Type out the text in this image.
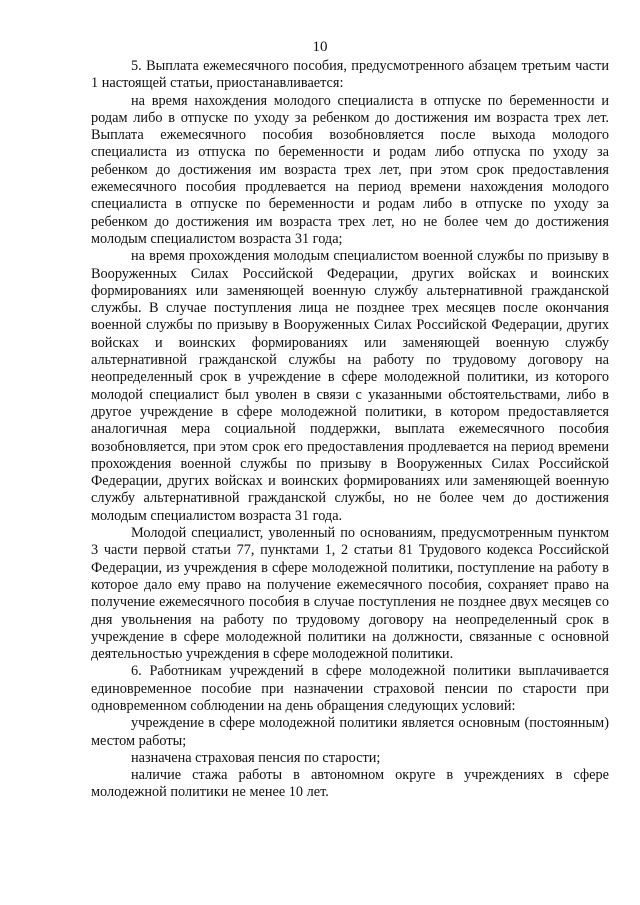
10

5. Выплата ежемесячного пособия, предусмотренного абзацем третьим части 1 настоящей статьи, приостанавливается:

на время нахождения молодого специалиста в отпуске по беременности и родам либо в отпуске по уходу за ребенком до достижения им возраста трех лет. Выплата ежемесячного пособия возобновляется после выхода молодого специалиста из отпуска по беременности и родам либо отпуска по уходу за ребенком до достижения им возраста трех лет, при этом срок предоставления ежемесячного пособия продлевается на период времени нахождения молодого специалиста в отпуске по беременности и родам либо в отпуске по уходу за ребенком до достижения им возраста трех лет, но не более чем до достижения молодым специалистом возраста 31 года;

на время прохождения молодым специалистом военной службы по призыву в Вооруженных Силах Российской Федерации, других войсках и воинских формированиях или заменяющей военную службу альтернативной гражданской службы. В случае поступления лица не позднее трех месяцев после окончания военной службы по призыву в Вооруженных Силах Российской Федерации, других войсках и воинских формированиях или заменяющей военную службу альтернативной гражданской службы на работу по трудовому договору на неопределенный срок в учреждение в сфере молодежной политики, из которого молодой специалист был уволен в связи с указанными обстоятельствами, либо в другое учреждение в сфере молодежной политики, в котором предоставляется аналогичная мера социальной поддержки, выплата ежемесячного пособия возобновляется, при этом срок его предоставления продлевается на период времени прохождения военной службы по призыву в Вооруженных Силах Российской Федерации, других войсках и воинских формированиях или заменяющей военную службу альтернативной гражданской службы, но не более чем до достижения молодым специалистом возраста 31 года.

Молодой специалист, уволенный по основаниям, предусмотренным пунктом 3 части первой статьи 77, пунктами 1, 2 статьи 81 Трудового кодекса Российской Федерации, из учреждения в сфере молодежной политики, поступление на работу в которое дало ему право на получение ежемесячного пособия, сохраняет право на получение ежемесячного пособия в случае поступления не позднее двух месяцев со дня увольнения на работу по трудовому договору на неопределенный срок в учреждение в сфере молодежной политики на должности, связанные с основной деятельностью учреждения в сфере молодежной политики.

6. Работникам учреждений в сфере молодежной политики выплачивается единовременное пособие при назначении страховой пенсии по старости при одновременном соблюдении на день обращения следующих условий:

учреждение в сфере молодежной политики является основным (постоянным) местом работы;

назначена страховая пенсия по старости;

наличие стажа работы в автономном округе в учреждениях в сфере молодежной политики не менее 10 лет.
